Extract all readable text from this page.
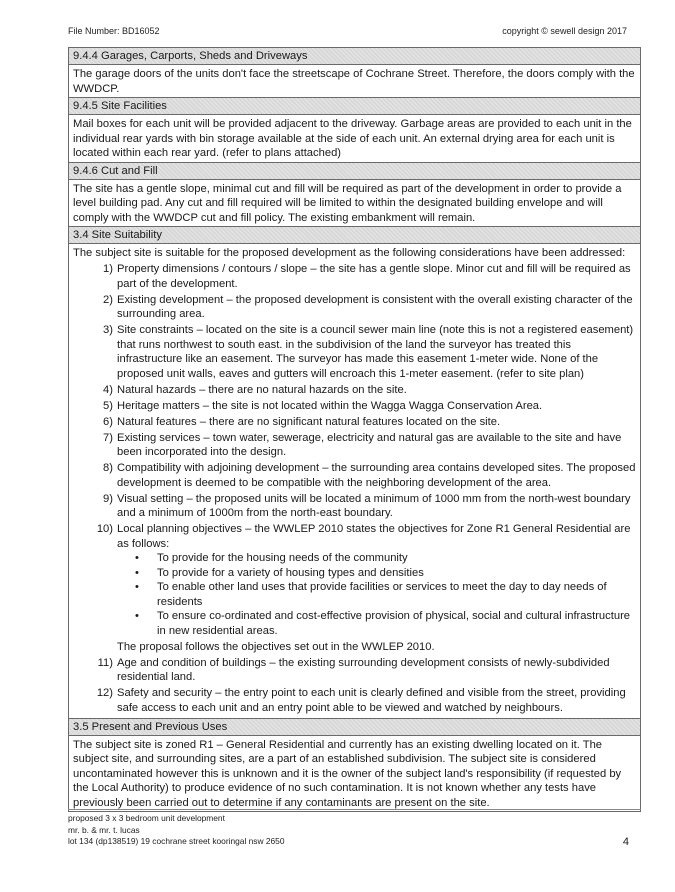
File Number: BD16052	copyright © sewell design 2017
9.4.4 Garages, Carports, Sheds and Driveways

The garage doors of the units don't face the streetscape of Cochrane Street. Therefore, the doors comply with the WWDCP.

9.4.5 Site Facilities

Mail boxes for each unit will be provided adjacent to the driveway. Garbage areas are provided to each unit in the individual rear yards with bin storage available at the side of each unit. An external drying area for each unit is located within each rear yard. (refer to plans attached)

9.4.6 Cut and Fill

The site has a gentle slope, minimal cut and fill will be required as part of the development in order to provide a level building pad. Any cut and fill required will be limited to within the designated building envelope and will comply with the WWDCP cut and fill policy. The existing embankment will remain.

3.4 Site Suitability

The subject site is suitable for the proposed development as the following considerations have been addressed:

1) Property dimensions / contours / slope – the site has a gentle slope. Minor cut and fill will be required as part of the development.
2) Existing development – the proposed development is consistent with the overall existing character of the surrounding area.
3) Site constraints – located on the site is a council sewer main line (note this is not a registered easement) that runs northwest to south east. in the subdivision of the land the surveyor has treated this infrastructure like an easement. The surveyor has made this easement 1-meter wide. None of the proposed unit walls, eaves and gutters will encroach this 1-meter easement. (refer to site plan)
4) Natural hazards – there are no natural hazards on the site.
5) Heritage matters – the site is not located within the Wagga Wagga Conservation Area.
6) Natural features – there are no significant natural features located on the site.
7) Existing services – town water, sewerage, electricity and natural gas are available to the site and have been incorporated into the design.
8) Compatibility with adjoining development – the surrounding area contains developed sites. The proposed development is deemed to be compatible with the neighboring development of the area.
9) Visual setting – the proposed units will be located a minimum of 1000 mm from the north-west boundary and a minimum of 1000m from the north-east boundary.
10) Local planning objectives – the WWLEP 2010 states the objectives for Zone R1 General Residential are as follows:
• To provide for the housing needs of the community
• To provide for a variety of housing types and densities
• To enable other land uses that provide facilities or services to meet the day to day needs of residents
• To ensure co-ordinated and cost-effective provision of physical, social and cultural infrastructure in new residential areas.

The proposal follows the objectives set out in the WWLEP 2010.

11) Age and condition of buildings – the existing surrounding development consists of newly-subdivided residential land.
12) Safety and security – the entry point to each unit is clearly defined and visible from the street, providing safe access to each unit and an entry point able to be viewed and watched by neighbours.
3.5 Present and Previous Uses

The subject site is zoned R1 – General Residential and currently has an existing dwelling located on it. The subject site, and surrounding sites, are a part of an established subdivision. The subject site is considered uncontaminated however this is unknown and it is the owner of the subject land's responsibility (if requested by the Local Authority) to produce evidence of no such contamination. It is not known whether any tests have previously been carried out to determine if any contaminants are present on the site.

proposed 3 x 3 bedroom unit development
mr. b. & mr. t. lucas
lot 134 (dp138519) 19 cochrane street kooringal nsw 2650	4
